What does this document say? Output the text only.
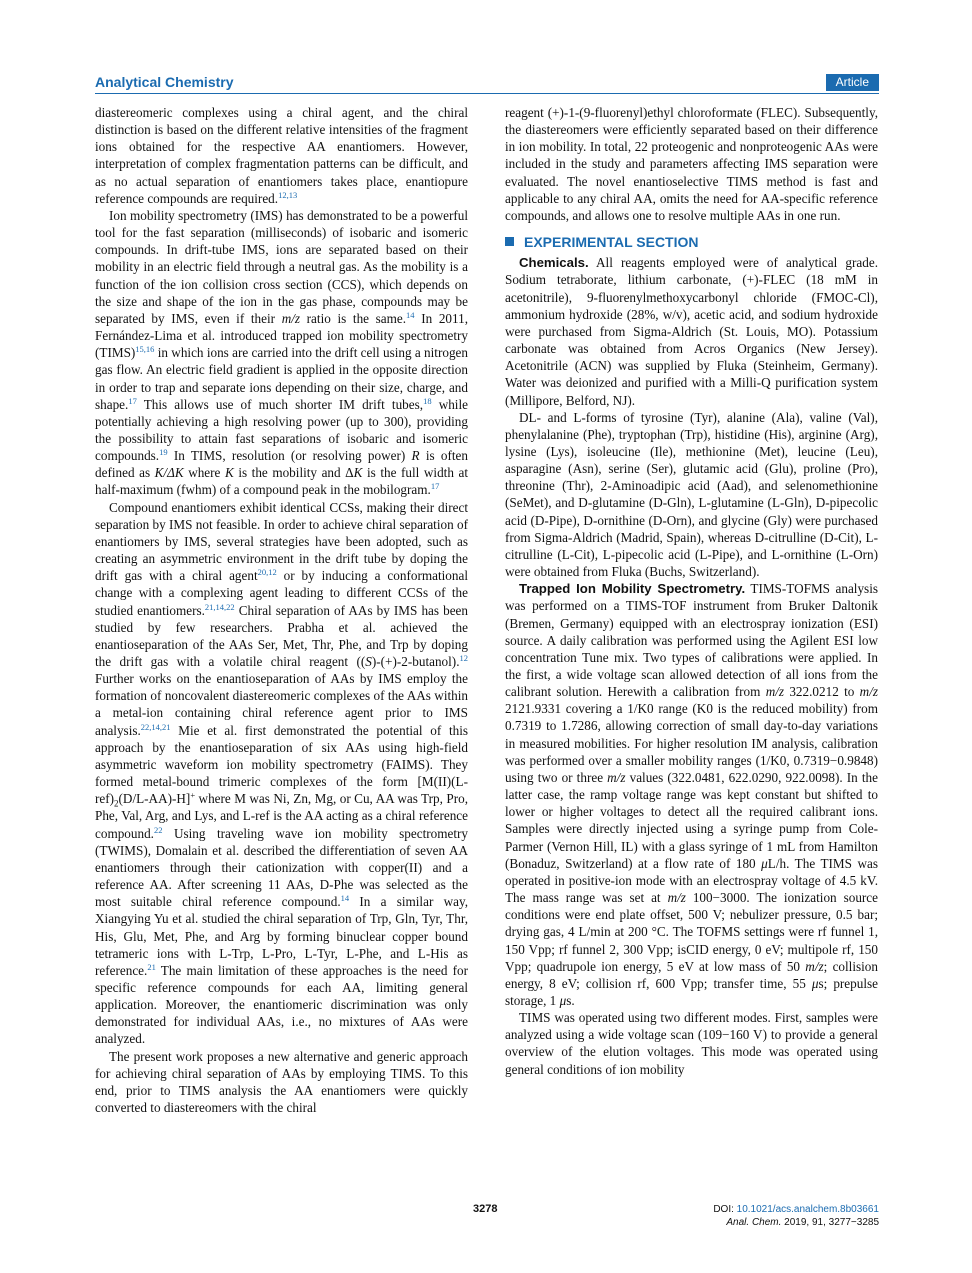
Analytical Chemistry	Article

diastereomeric complexes using a chiral agent, and the chiral distinction is based on the different relative intensities of the fragment ions obtained for the respective AA enantiomers. However, interpretation of complex fragmentation patterns can be difficult, and as no actual separation of enantiomers takes place, enantiopure reference compounds are required.$^{12,13}$

Ion mobility spectrometry (IMS) has demonstrated to be a powerful tool for the fast separation (milliseconds) of isobaric and isomeric compounds. In drift-tube IMS, ions are separated based on their mobility in an electric field through a neutral gas. As the mobility is a function of the ion collision cross section (CCS), which depends on the size and shape of the ion in the gas phase, compounds may be separated by IMS, even if their m/z ratio is the same.$^{14}$ In 2011, Fernández-Lima et al. introduced trapped ion mobility spectrometry (TIMS)$^{15,16}$ in which ions are carried into the drift cell using a nitrogen gas flow. An electric field gradient is applied in the opposite direction in order to trap and separate ions depending on their size, charge, and shape.$^{17}$ This allows use of much shorter IM drift tubes,$^{18}$ while potentially achieving a high resolving power (up to 300), providing the possibility to attain fast separations of isobaric and isomeric compounds.$^{19}$ In TIMS, resolution (or resolving power) R is often defined as K/ΔK where K is the mobility and ΔK is the full width at half-maximum (fwhm) of a compound peak in the mobilogram.$^{17}$

Compound enantiomers exhibit identical CCSs, making their direct separation by IMS not feasible. In order to achieve chiral separation of enantiomers by IMS, several strategies have been adopted, such as creating an asymmetric environment in the drift tube by doping the drift gas with a chiral agent$^{20,12}$ or by inducing a conformational change with a complexing agent leading to different CCSs of the studied enantiomers.$^{21,14,22}$ Chiral separation of AAs by IMS has been studied by few researchers. Prabha et al. achieved the enantioseparation of the AAs Ser, Met, Thr, Phe, and Trp by doping the drift gas with a volatile chiral reagent ((S)-(+)-2-butanol).$^{12}$ Further works on the enantioseparation of AAs by IMS employ the formation of noncovalent diastereomeric complexes of the AAs within a metal-ion containing chiral reference agent prior to IMS analysis.$^{22,14,21}$ Mie et al. first demonstrated the potential of this approach by the enantioseparation of six AAs using high-field asymmetric waveform ion mobility spectrometry (FAIMS). They formed metal-bound trimeric complexes of the form $[M(II)(L-ref)_2(D/L-AA)-H]^+$ where M was Ni, Zn, Mg, or Cu, AA was Trp, Pro, Phe, Val, Arg, and Lys, and L-ref is the AA acting as a chiral reference compound.$^{22}$ Using traveling wave ion mobility spectrometry (TWIMS), Domalain et al. described the differentiation of seven AA enantiomers through their cationization with copper(II) and a reference AA. After screening 11 AAs, D-Phe was selected as the most suitable chiral reference compound.$^{14}$ In a similar way, Xiangying Yu et al. studied the chiral separation of Trp, Gln, Tyr, Thr, His, Glu, Met, Phe, and Arg by forming binuclear copper bound tetrameric ions with L-Trp, L-Pro, L-Tyr, L-Phe, and L-His as reference.$^{21}$ The main limitation of these approaches is the need for specific reference compounds for each AA, limiting general application. Moreover, the enantiomeric discrimination was only demonstrated for individual AAs, i.e., no mixtures of AAs were analyzed.

The present work proposes a new alternative and generic approach for achieving chiral separation of AAs by employing TIMS. To this end, prior to TIMS analysis the AA enantiomers were quickly converted to diastereomers with the chiral

reagent (+)-1-(9-fluorenyl)ethyl chloroformate (FLEC). Subsequently, the diastereomers were efficiently separated based on their difference in ion mobility. In total, 22 proteogenic and nonproteogenic AAs were included in the study and parameters affecting IMS separation were evaluated. The novel enantioselective TIMS method is fast and applicable to any chiral AA, omits the need for AA-specific reference compounds, and allows one to resolve multiple AAs in one run.

EXPERIMENTAL SECTION

Chemicals. All reagents employed were of analytical grade. Sodium tetraborate, lithium carbonate, (+)-FLEC (18 mM in acetonitrile), 9-fluorenylmethoxycarbonyl chloride (FMOC-Cl), ammonium hydroxide (28%, w/v), acetic acid, and sodium hydroxide were purchased from Sigma-Aldrich (St. Louis, MO). Potassium carbonate was obtained from Acros Organics (New Jersey). Acetonitrile (ACN) was supplied by Fluka (Steinheim, Germany). Water was deionized and purified with a Milli-Q purification system (Millipore, Belford, NJ).

DL- and L-forms of tyrosine (Tyr), alanine (Ala), valine (Val), phenylalanine (Phe), tryptophan (Trp), histidine (His), arginine (Arg), lysine (Lys), isoleucine (Ile), methionine (Met), leucine (Leu), asparagine (Asn), serine (Ser), glutamic acid (Glu), proline (Pro), threonine (Thr), 2-Aminoadipic acid (Aad), and selenomethionine (SeMet), and D-glutamine (D-Gln), L-glutamine (L-Gln), D-pipecolic acid (D-Pipe), D-ornithine (D-Orn), and glycine (Gly) were purchased from Sigma-Aldrich (Madrid, Spain), whereas D-citrulline (D-Cit), L-citrulline (L-Cit), L-pipecolic acid (L-Pipe), and L-ornithine (L-Orn) were obtained from Fluka (Buchs, Switzerland).

Trapped Ion Mobility Spectrometry. TIMS-TOFMS analysis was performed on a TIMS-TOF instrument from Bruker Daltonik (Bremen, Germany) equipped with an electrospray ionization (ESI) source. A daily calibration was performed using the Agilent ESI low concentration Tune mix. Two types of calibrations were applied. In the first, a wide voltage scan allowed detection of all ions from the calibrant solution. Herewith a calibration from m/z 322.0212 to m/z 2121.9331 covering a 1/K0 range (K0 is the reduced mobility) from 0.7319 to 1.7286, allowing correction of small day-to-day variations in measured mobilities. For higher resolution IM analysis, calibration was performed over a smaller mobility ranges (1/K0, 0.7319−0.9848) using two or three m/z values (322.0481, 622.0290, 922.0098). In the latter case, the ramp voltage range was kept constant but shifted to lower or higher voltages to detect all the required calibrant ions. Samples were directly injected using a syringe pump from Cole-Parmer (Vernon Hill, IL) with a glass syringe of 1 mL from Hamilton (Bonaduz, Switzerland) at a flow rate of 180 μL/h. The TIMS was operated in positive-ion mode with an electrospray voltage of 4.5 kV. The mass range was set at m/z 100−3000. The ionization source conditions were end plate offset, 500 V; nebulizer pressure, 0.5 bar; drying gas, 4 L/min at 200 °C. The TOFMS settings were rf funnel 1, 150 Vpp; rf funnel 2, 300 Vpp; isCID energy, 0 eV; multipole rf, 150 Vpp; quadrupole ion energy, 5 eV at low mass of 50 m/z; collision energy, 8 eV; collision rf, 600 Vpp; transfer time, 55 μs; prepulse storage, 1 μs.

TIMS was operated using two different modes. First, samples were analyzed using a wide voltage scan (109−160 V) to provide a general overview of the elution voltages. This mode was operated using general conditions of ion mobility

3278	DOI: 10.1021/acs.analchem.8b03661
Anal. Chem. 2019, 91, 3277−3285
